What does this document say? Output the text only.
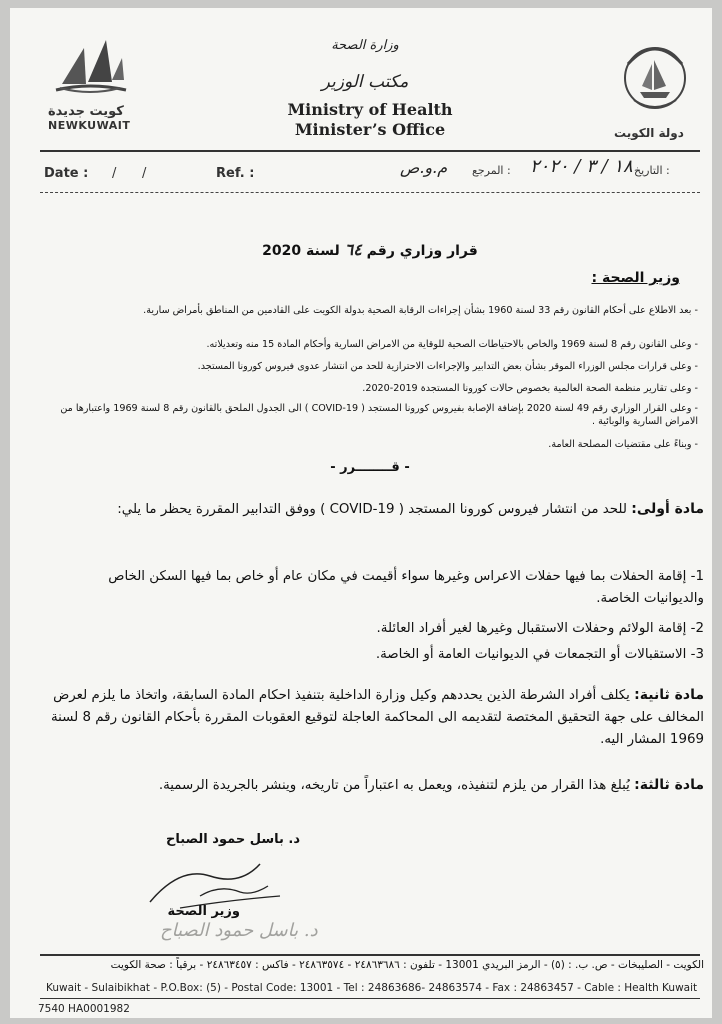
كويت جديدة
NEWKUWAIT
وزارة الصحة
مكتب الوزير
Ministry of Health
Minister’s Office	دولة الكويت
Date : / /	Ref. :	التاريخ :
١٨ / ٣ / ٢٠٢٠
المرجع :
م.و.ص
قرار وزاري رقم ٦٤ لسنة 2020
وزير الصحة :
- بعد الاطلاع على أحكام القانون رقم 33 لسنة 1960 بشأن إجراءات الرقابة الصحية بدولة الكويت على القادمين من المناطق بأمراض سارية.
- وعلى القانون رقم 8 لسنة 1969 والخاص بالاحتياطات الصحية للوقاية من الامراض السارية وأحكام المادة 15 منه وتعديلاته.
- وعلى قرارات مجلس الوزراء الموقر بشأن بعض التدابير والإجراءات الاحترازية للحد من انتشار عدوى فيروس كورونا المستجد.
- وعلى تقارير منظمة الصحة العالمية بخصوص حالات كورونا المستجدة 2019-2020.
- وعلى القرار الوزاري رقم 49 لسنة 2020 بإضافة الإصابة بفيروس كورونا المستجد ( COVID-19 ) الى الجدول الملحق بالقانون رقم 8 لسنة 1969 واعتبارها من الامراض السارية والوبائية .
- وبناءً على مقتضيات المصلحة العامة.
- قــــــــرر -
مادة أولى: للحد من انتشار فيروس كورونا المستجد ( COVID-19 ) ووفق التدابير المقررة يحظر ما يلي:
1- إقامة الحفلات بما فيها حفلات الاعراس وغيرها سواء أقيمت في مكان عام أو خاص بما فيها السكن الخاص والديوانيات الخاصة.
2- إقامة الولائم وحفلات الاستقبال وغيرها لغير أفراد العائلة.
3- الاستقبالات أو التجمعات في الديوانيات العامة أو الخاصة.
مادة ثانية: يكلف أفراد الشرطة الذين يحددهم وكيل وزارة الداخلية بتنفيذ احكام المادة السابقة، واتخاذ ما يلزم لعرض المخالف على جهة التحقيق المختصة لتقديمه الى المحاكمة العاجلة لتوقيع العقوبات المقررة بأحكام القانون رقم 8 لسنة 1969 المشار اليه.
مادة ثالثة: يُبلغ هذا القرار من يلزم لتنفيذه، ويعمل به اعتباراً من تاريخه، وينشر بالجريدة الرسمية.
د. باسل حمود الصباح
وزير الصحة
د. باسل حمود الصباح
الكويت - الصليبخات - ص. ب. : (٥) - الرمز البريدي 13001 - تلفون : ٢٤٨٦٣٦٨٦ - ٢٤٨٦٣٥٧٤ - فاكس : ٢٤٨٦٣٤٥٧ - برقياً : صحة الكويت
Kuwait - Sulaibikhat - P.O.Box: (5) - Postal Code: 13001 - Tel : 24863686- 24863574 - Fax : 24863457 - Cable : Health Kuwait
7540 HA0001982
